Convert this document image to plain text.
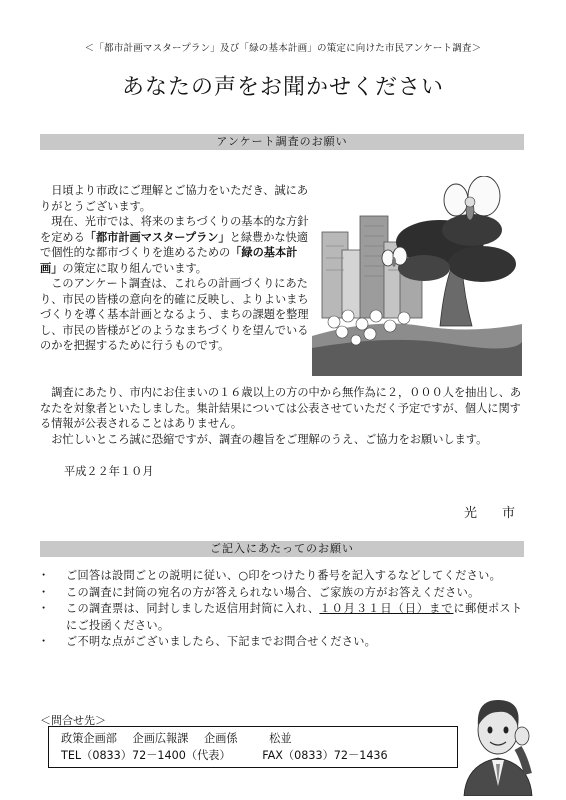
＜「都市計画マスタープラン」及び「緑の基本計画」の策定に向けた市民アンケート調査＞
あなたの声をお聞かせください
アンケート調査のお願い

日頃より市政にご理解とご協力をいただき、誠にありがとうございます。

現在、光市では、将来のまちづくりの基本的な方針を定める「都市計画マスタープラン」と緑豊かな快適で個性的な都市づくりを進めるための「緑の基本計画」の策定に取り組んでいます。

このアンケート調査は、これらの計画づくりにあたり、市民の皆様の意向を的確に反映し、よりよいまちづくりを導く基本計画となるよう、まちの課題を整理し、市民の皆様がどのようなまちづくりを望んでいるのかを把握するために行うものです。

調査にあたり、市内にお住まいの１６歳以上の方の中から無作為に２，０００人を抽出し、あなたを対象者といたしました。集計結果については公表させていただく予定ですが、個人に関する情報が公表されることはありません。

お忙しいところ誠に恐縮ですが、調査の趣旨をご理解のうえ、ご協力をお願いします。

平成２２年１０月
光　市
ご記入にあたってのお願い
・ ご回答は設問ごとの説明に従い、○印をつけたり番号を記入するなどしてください。
・ この調査に封筒の宛名の方が答えられない場合、ご家族の方がお答えください。
・ この調査票は、同封しました返信用封筒に入れ、１０月３１日（日）までに郵便ポストにご投函ください。
・ ご不明な点がございましたら、下記までお問合せください。
＜問合せ先＞
政策企画部 企画広報課 企画係	松並
TEL（0833）72－1400（代表）	FAX（0833）72－1436
